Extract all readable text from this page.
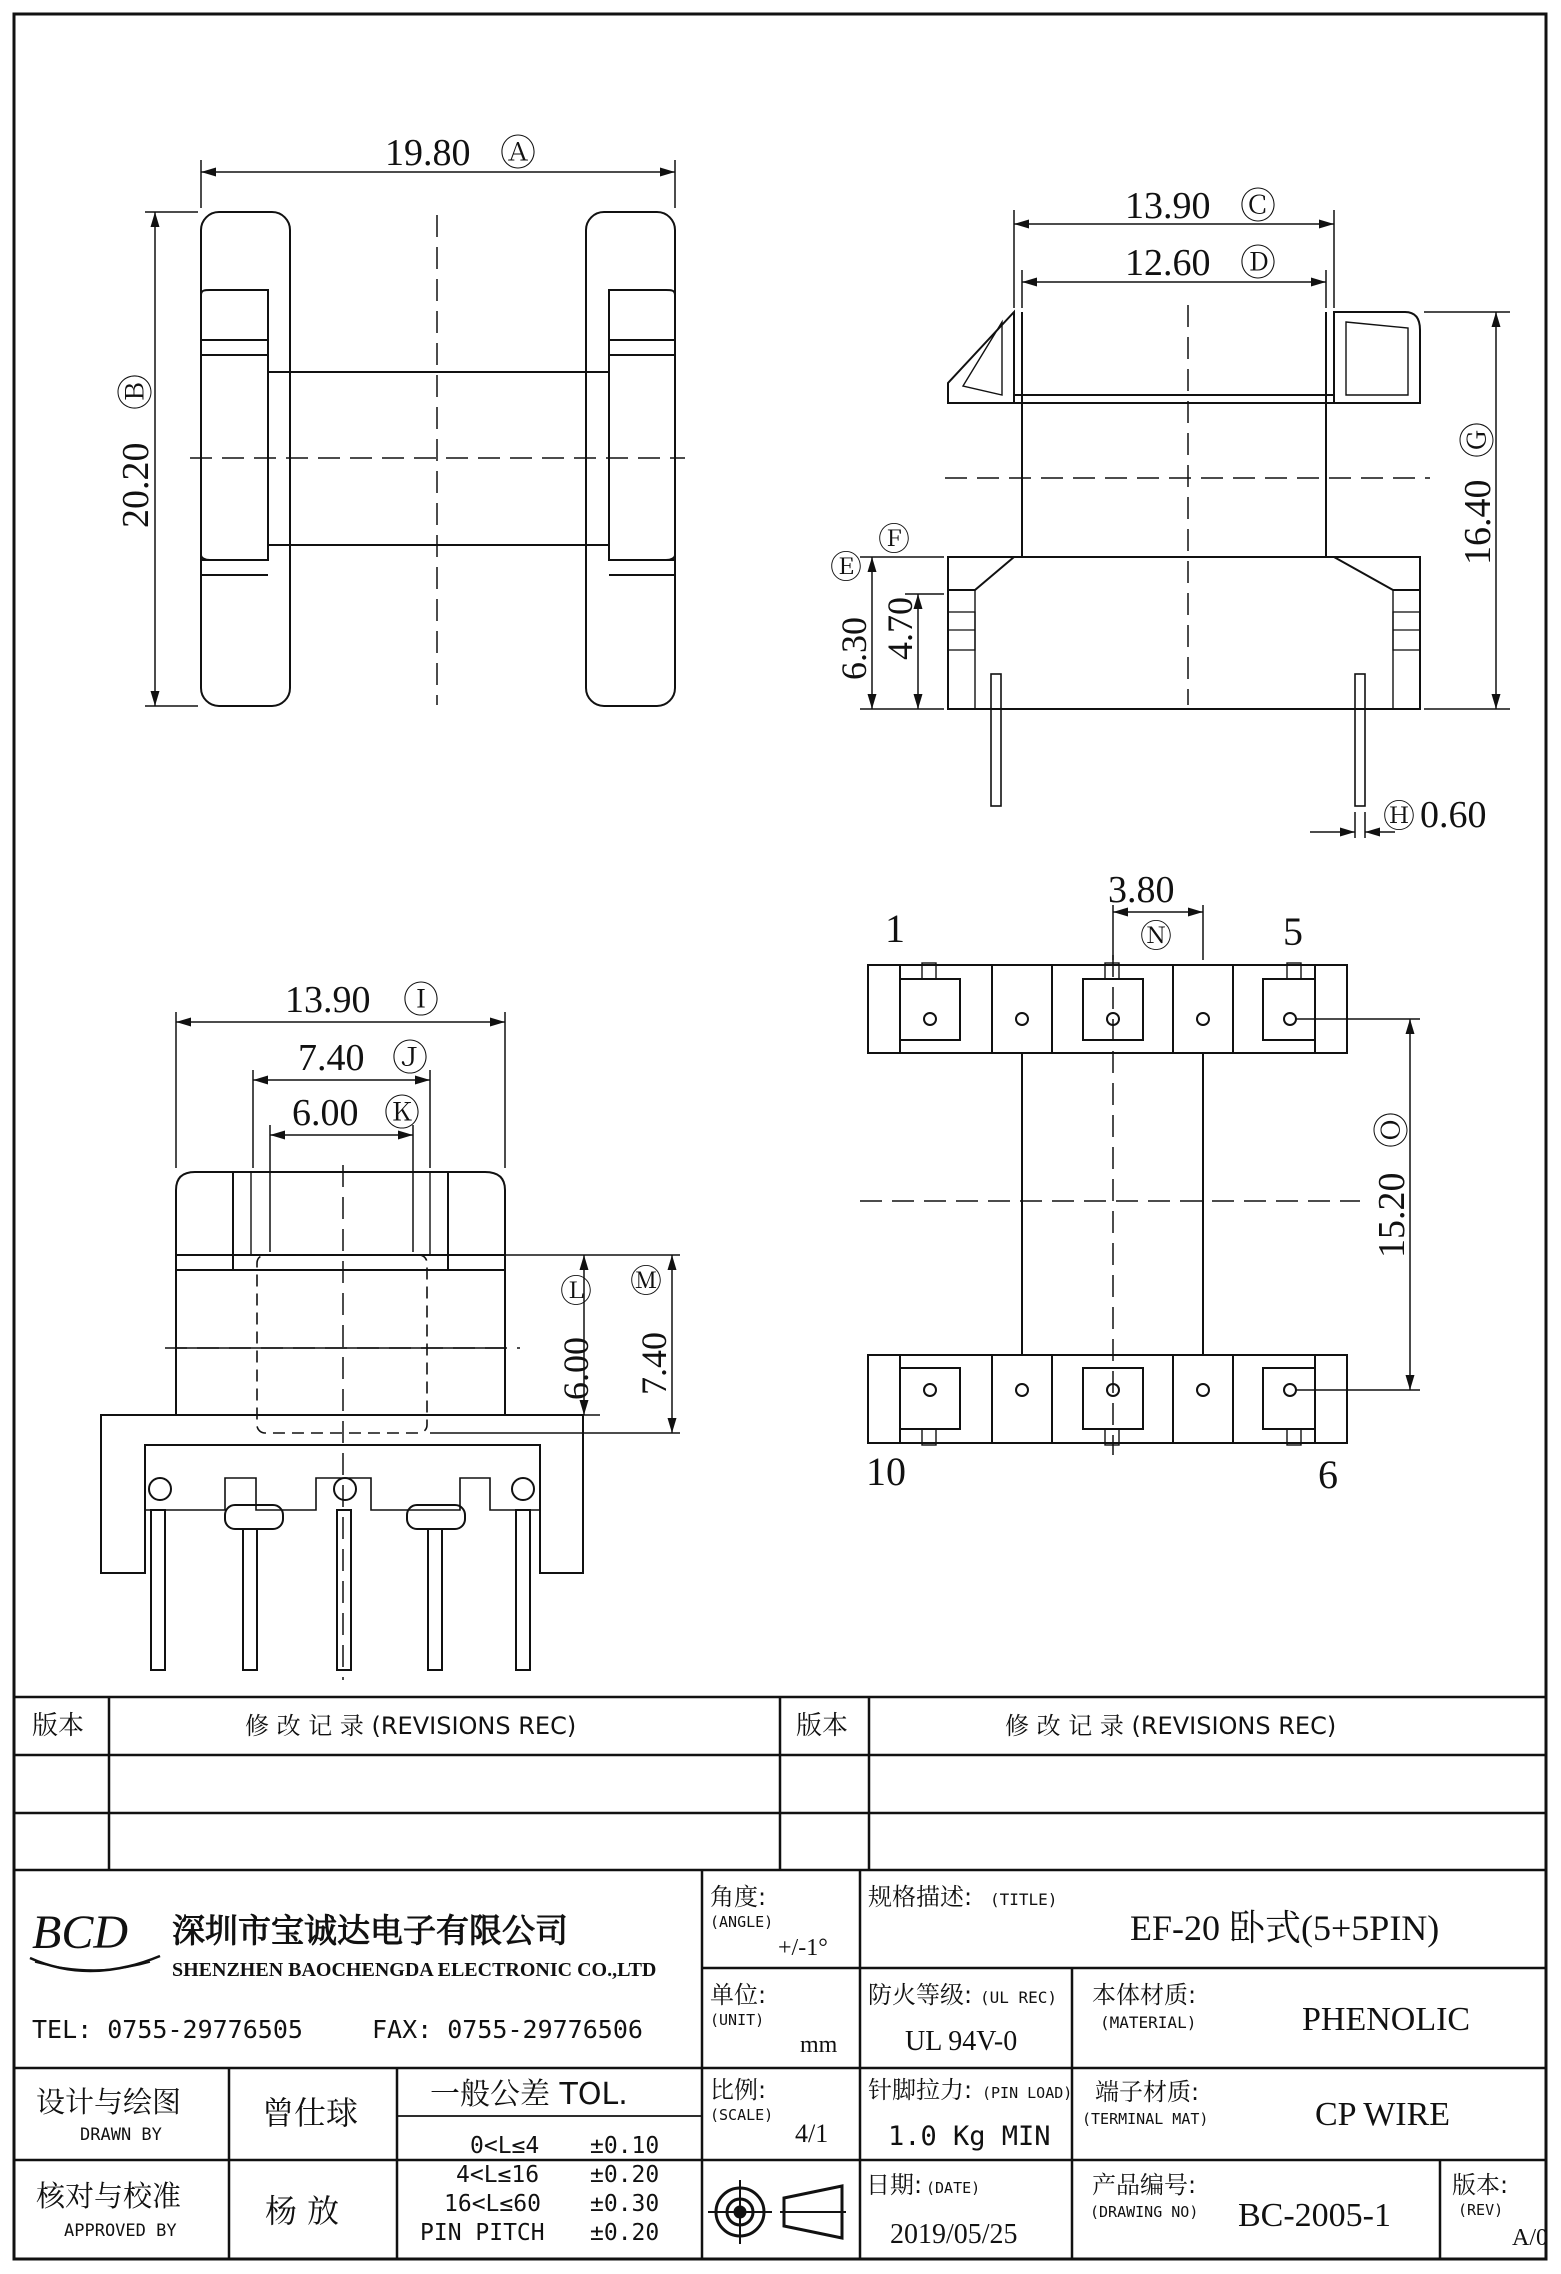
19.80 Ⓐ
20.20
Ⓑ
13.90 Ⓒ
12.60 Ⓓ
16.40
Ⓖ
6.30
Ⓔ
4.70
Ⓕ
Ⓗ 0.60
13.90 Ⓘ
7.40 Ⓙ
6.00 Ⓚ
6.00
Ⓛ
7.40
Ⓜ
3.80
Ⓝ
15.20
Ⓞ
1	5
10	6
版本	修 改 记 录 (REVISIONS REC)	版本	修 改 记 录 (REVISIONS REC)
BCD 深圳市宝诚达电子有限公司
SHENZHEN BAOCHENGDA ELECTRONIC CO.,LTD
TEL: 0755-29776505	FAX: 0755-29776506
角度:
(ANGLE)
+/-1°
规格描述: (TITLE)
EF-20 卧式(5+5PIN)
单位:
(UNIT)
mm
防火等级: (UL REC)
UL 94V-0
本体材质:
(MATERIAL)	PHENOLIC
设计与绘图
DRAWN BY
曾仕球 一般公差 TOL.
0<L≤4 ±0.10
4<L≤16 ±0.20
16<L≤60 ±0.30
PIN PITCH ±0.20
核对与校准
APPROVED BY
杨 放
比例:
(SCALE)
4/1
针脚拉力: (PIN LOAD)
1.0 Kg MIN
端子材质:
(TERMINAL MAT)	CP WIRE
日期: (DATE)
2019/05/25
产品编号:
(DRAWING NO) BC-2005-1
版本:
(REV)
A/0
